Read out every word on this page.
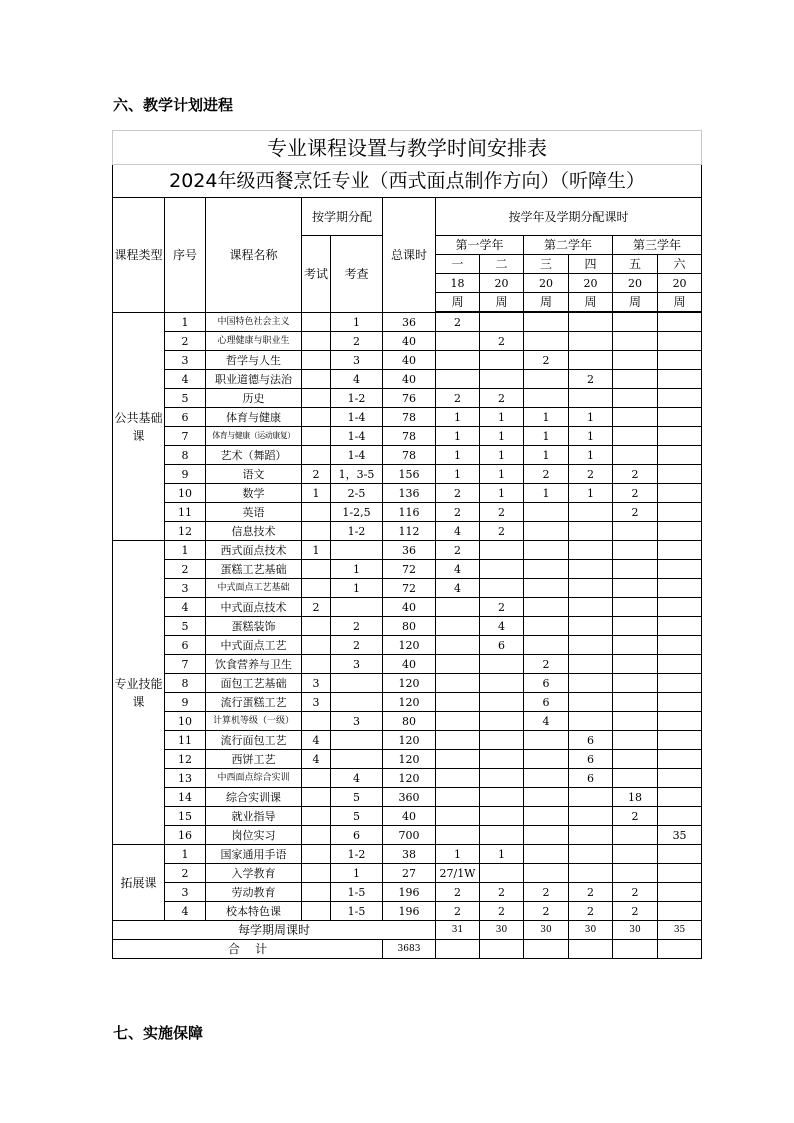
六、教学计划进程
专业课程设置与教学时间安排表											
2024年级西餐烹饪专业（西式面点制作方向）（听障生）											
课程类型	序号	课程名称	按学期分配		总课时	按学年及学期分配课时					
			考试	考查		第一学年		第二学年		第三学年	
						一	二	三	四	五	六
						18	20	20	20	20	20
						周	周	周	周	周	周

公共基础课	1	中国特色社会主义		1	36	2					
	2	心理健康与职业生		2	40		2				
	3	哲学与人生		3	40			2			
	4	职业道德与法治		4	40				2		
	5	历史		1-2	76	2	2				
	6	体育与健康		1-4	78	1	1	1	1		
	7	体育与健康（运动康复）		1-4	78	1	1	1	1		
	8	艺术（舞蹈）		1-4	78	1	1	1	1		
	9	语文	2	1，3-5	156	1	1	2	2	2	
	10	数学	1	2-5	136	2	1	1	1	2	
	11	英语		1-2,5	116	2	2			2	
	12	信息技术		1-2	112	4	2				
专业技能课	1	西式面点技术	1		36	2					
	2	蛋糕工艺基础		1	72	4					
	3	中式面点工艺基础		1	72	4					
	4	中式面点技术	2		40		2				
	5	蛋糕装饰		2	80		4				
	6	中式面点工艺		2	120		6				
	7	饮食营养与卫生		3	40			2			
	8	面包工艺基础	3		120			6			
	9	流行蛋糕工艺	3		120			6			
	10	计算机等级（一级）		3	80			4			
	11	流行面包工艺	4		120				6		
	12	西饼工艺	4		120				6		
	13	中西面点综合实训		4	120				6		
	14	综合实训课		5	360					18	
	15	就业指导		5	40					2	
	16	岗位实习		6	700						35
拓展课	1	国家通用手语		1-2	38	1	1				
	2	入学教育		1	27	27/1W					
	3	劳动教育		1-5	196	2	2	2	2	2	
	4	校本特色课		1-5	196	2	2	2	2	2	
每学期周课时						31	30	30	30	30	35
合    计					3683						
七、实施保障
